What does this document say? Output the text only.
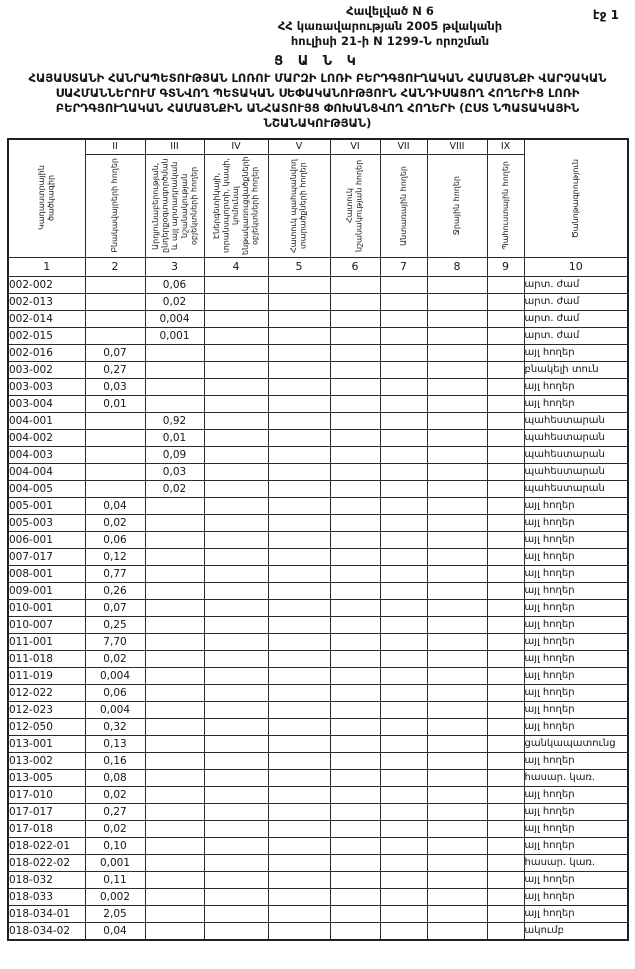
էջ 1
Հավելված N 6
ՀՀ կառավարության 2005 թվականի
հուլիսի 21-ի N 1299-Ն որոշման
Ց Ա Ն Կ
ՀԱՅԱՍՏԱՆԻ ՀԱՆՐԱՊԵՏՈՒԹՅԱՆ ԼՈՌՈՒ ՄԱՐԶԻ ԼՈՌԻ ԲԵՐԴԳՅՈՒՂԱԿԱՆ ՀԱՄԱՅՆՔԻ ՎԱՐՉԱԿԱՆ ՍԱՀՄԱՆՆԵՐՈՒՄ ԳՏՆՎՈՂ ՊԵՏԱԿԱՆ ՍԵՓԱԿԱՆՈՒԹՅՈՒՆ ՀԱՆԴԻՍԱՑՈՂ ՀՈՂԵՐԻՑ ԼՈՌԻ ԲԵՐԴԳՅՈՒՂԱԿԱՆ ՀԱՄԱՅՆՔԻՆ ԱՆՀԱՏՈՒՅՑ ՓՈԽԱՆՑՎՈՂ ՀՈՂԵՐԻ (ԸՍՏ ՆՊԱՏԱԿԱՅԻՆ ՆՇԱՆԱԿՈՒԹՅԱՆ)
Կադաստրային ծածկագիր	II	III	IV	V	VI	VII	VIII	IX	Ծանոթագրություն

	Բնակավայրերի հողեր	Արդյունաբերության, ընդերքօգտագործման և այլ արտադրական նշանակության օբյեկտների հողեր	Էներգետիկայի, տրանսպորտի, կապի, կոմունալ ենթակառուցվածքների օբյեկտների հողեր	Հատուկ պահպանվող տարածքների հողեր	Հատուկ նշանակության հողեր	Անտառային հողեր	Ջրային հողեր	Պահուստային հողեր	

1	2	3	4	5	6	7	8	9	10
002-002		0,06							արտ. ժամ
002-013		0,02							արտ. ժամ
002-014		0,004							արտ. ժամ
002-015		0,001							արտ. ժամ
002-016	0,07								այլ հողեր
003-002	0,27								բնակելի տուն
003-003	0,03								այլ հողեր
003-004	0,01								այլ հողեր
004-001		0,92							պահեստարան
004-002		0,01							պահեստարան
004-003		0,09							պահեստարան
004-004		0,03							պահեստարան
004-005		0,02							պահեստարան
005-001	0,04								այլ հողեր
005-003	0,02								այլ հողեր
006-001	0,06								այլ հողեր
007-017	0,12								այլ հողեր
008-001	0,77								այլ հողեր
009-001	0,26								այլ հողեր
010-001	0,07								այլ հողեր
010-007	0,25								այլ հողեր
011-001	7,70								այլ հողեր
011-018	0,02								այլ հողեր
011-019	0,004								այլ հողեր
012-022	0,06								այլ հողեր
012-023	0,004								այլ հողեր
012-050	0,32								այլ հողեր
013-001	0,13								ցանկապատունց
013-002	0,16								այլ հողեր
013-005	0,08								հասար. կառ.
017-010	0,02								այլ հողեր
017-017	0,27								այլ հողեր
017-018	0,02								այլ հողեր
018-022-01	0,10								այլ հողեր
018-022-02	0,001								հասար. կառ.
018-032	0,11								այլ հողեր
018-033	0,002								այլ հողեր
018-034-01	2,05								այլ հողեր
018-034-02	0,04								ակումբ
